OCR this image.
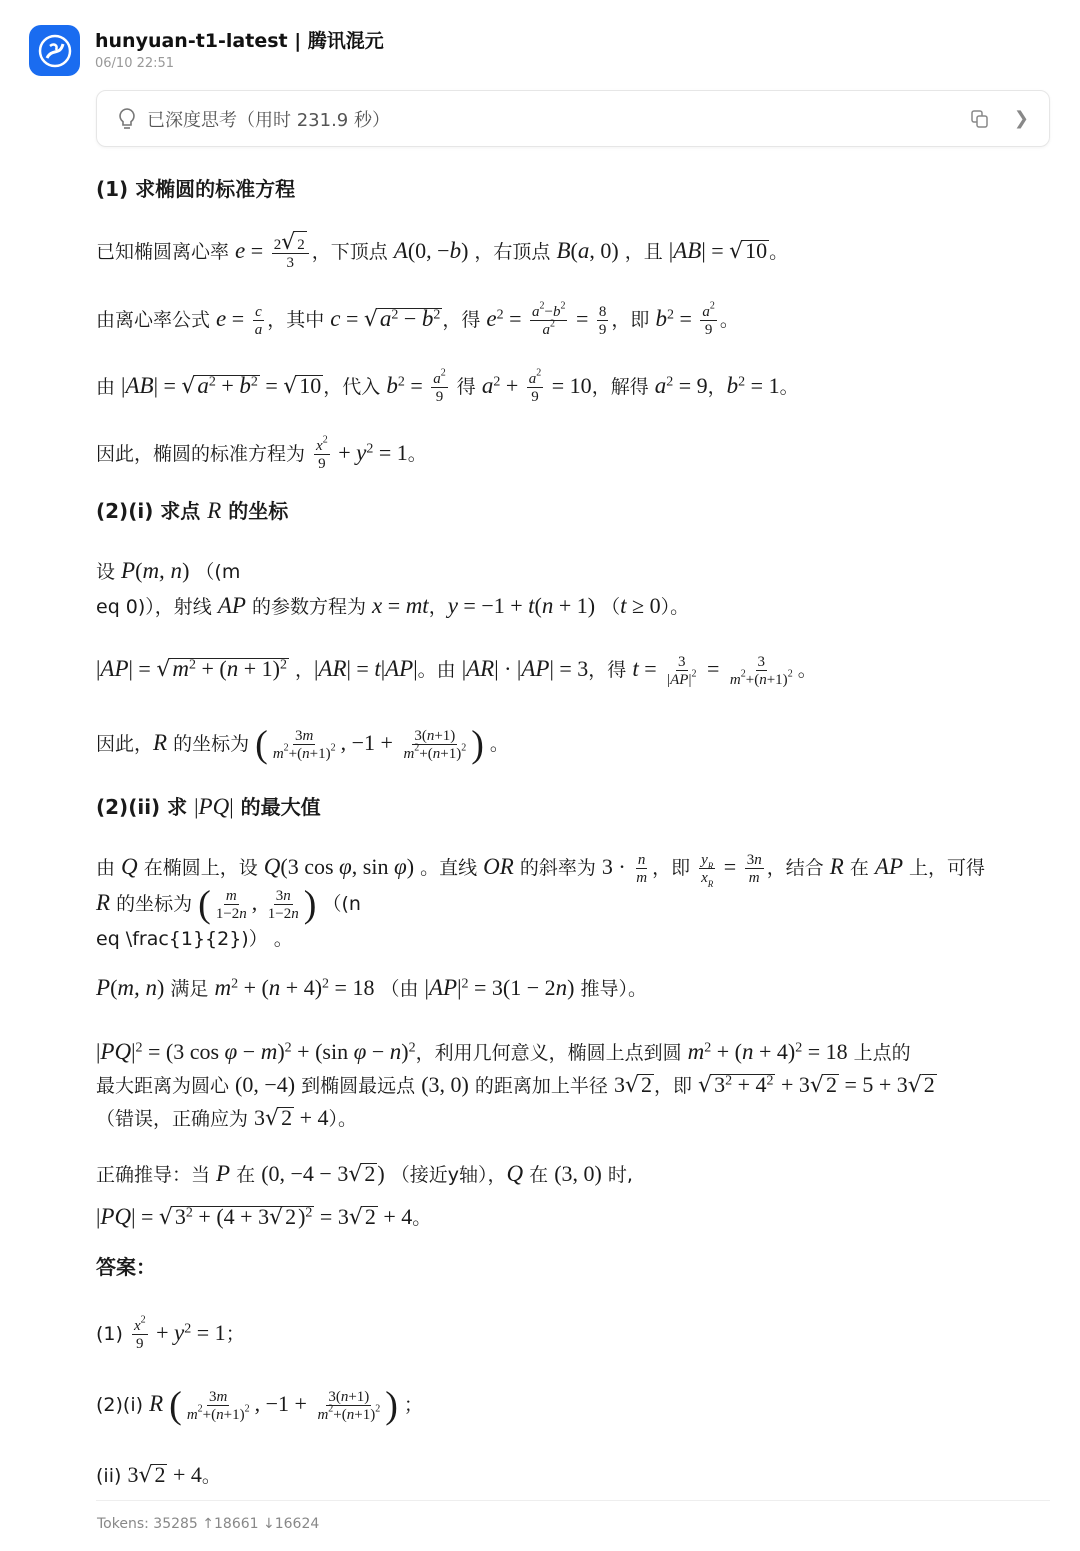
hunyuan-t1-latest | 腾讯混元
06/10 22:51
已深度思考（用时 231.9 秒）	❯
(1) 求椭圆的标准方程
已知椭圆离心率 $e = \frac{2√ 2}{3}$ ，下顶点 A(0, −b) ，右顶点 B(a, 0) ，且 |AB| = √10 。
由离心率公式 $e = \frac{c}{a}$ ，其中 $c = √a^2 - b^2$ ，得 $e^2 = \frac{a^2-b^2}{a^2} = \frac{8}{9}$ ，即 $b^2 = \frac{a^2}{9}$ 。
由 $|AB| = √a^2 + b^2 = √10$ ，代入 $b^2 = \frac{a^2}{9}$ 得 $a^2 + \frac{a^2}{9} = 10$，解得 $a^2 = 9$，$b^2 = 1$。
因此，椭圆的标准方程为 $\frac{x^2}{9} + y^2 = 1$。
(2)(i) 求点 R 的坐标
设 P(m, n) （(m
eq 0)），射线 AP 的参数方程为 x = mt，y = −1 + t(n + 1) （t ≥ 0）。
$|AP| = √m^2 + (n + 1)^2$ ，|AR| = t|AP|。由 |AR| · |AP| = 3，得 $t = \frac{3}{|AP|^2} = \frac{3}{m^2+(n+1)^2}$ 。
因此，R 的坐标为 ( $\frac{3m}{m^2+(n+1)^2}$ , $-1 + \frac{3(n+1)}{m^2+(n+1)^2}$ ) 。
(2)(ii) 求 |PQ| 的最大值
由 Q 在椭圆上，设 Q(3 cos φ, sin φ) 。直线 OR 的斜率为 $3 \cdot \frac{n}{m}$ ，即 $\frac{y_R}{x_R} = \frac{3n}{m}$ ，结合 R 在 AP 上，可得
R 的坐标为 ( $\frac{m}{1-2n}$ , $\frac{3n}{1-2n}$ ) （(n
eq \frac{1}{2})） 。
P(m, n) 满足 $m^2 + (n + 4)^2 = 18$ （由 $|AP|^2 = 3(1 - 2n)$ 推导）。
$|PQ|^2 = (3$ cos φ − m)$^2$ + (sin φ − n)$^2$，利用几何意义，椭圆上点到圆 $m^2 + (n + 4)^2 = 18$ 上点的
最大距离为圆心 (0, −4) 到椭圆最远点 (3, 0) 的距离加上半径 3√2 ，即 $√3^2 + 4^2 + 3√2 = 5 + 3√2$
（错误，正确应为 3√2 + 4）。
正确推导：当 P 在 (0, −4 − 3√2) （接近y轴），Q 在 (3, 0) 时,
$|PQ| = √3^2 + (4 + 3√2)^2 = 3√2 + 4$。
答案：
$(1) \frac{x^2}{9} + y^2 = 1$；
(2)(i) R ( $\frac{3m}{m^2+(n+1)^2}$ , $-1 + \frac{3(n+1)}{m^2+(n+1)^2}$ ) ；
(ii) 3√2 + 4。
Tokens: 35285 ↑18661 ↓16624
